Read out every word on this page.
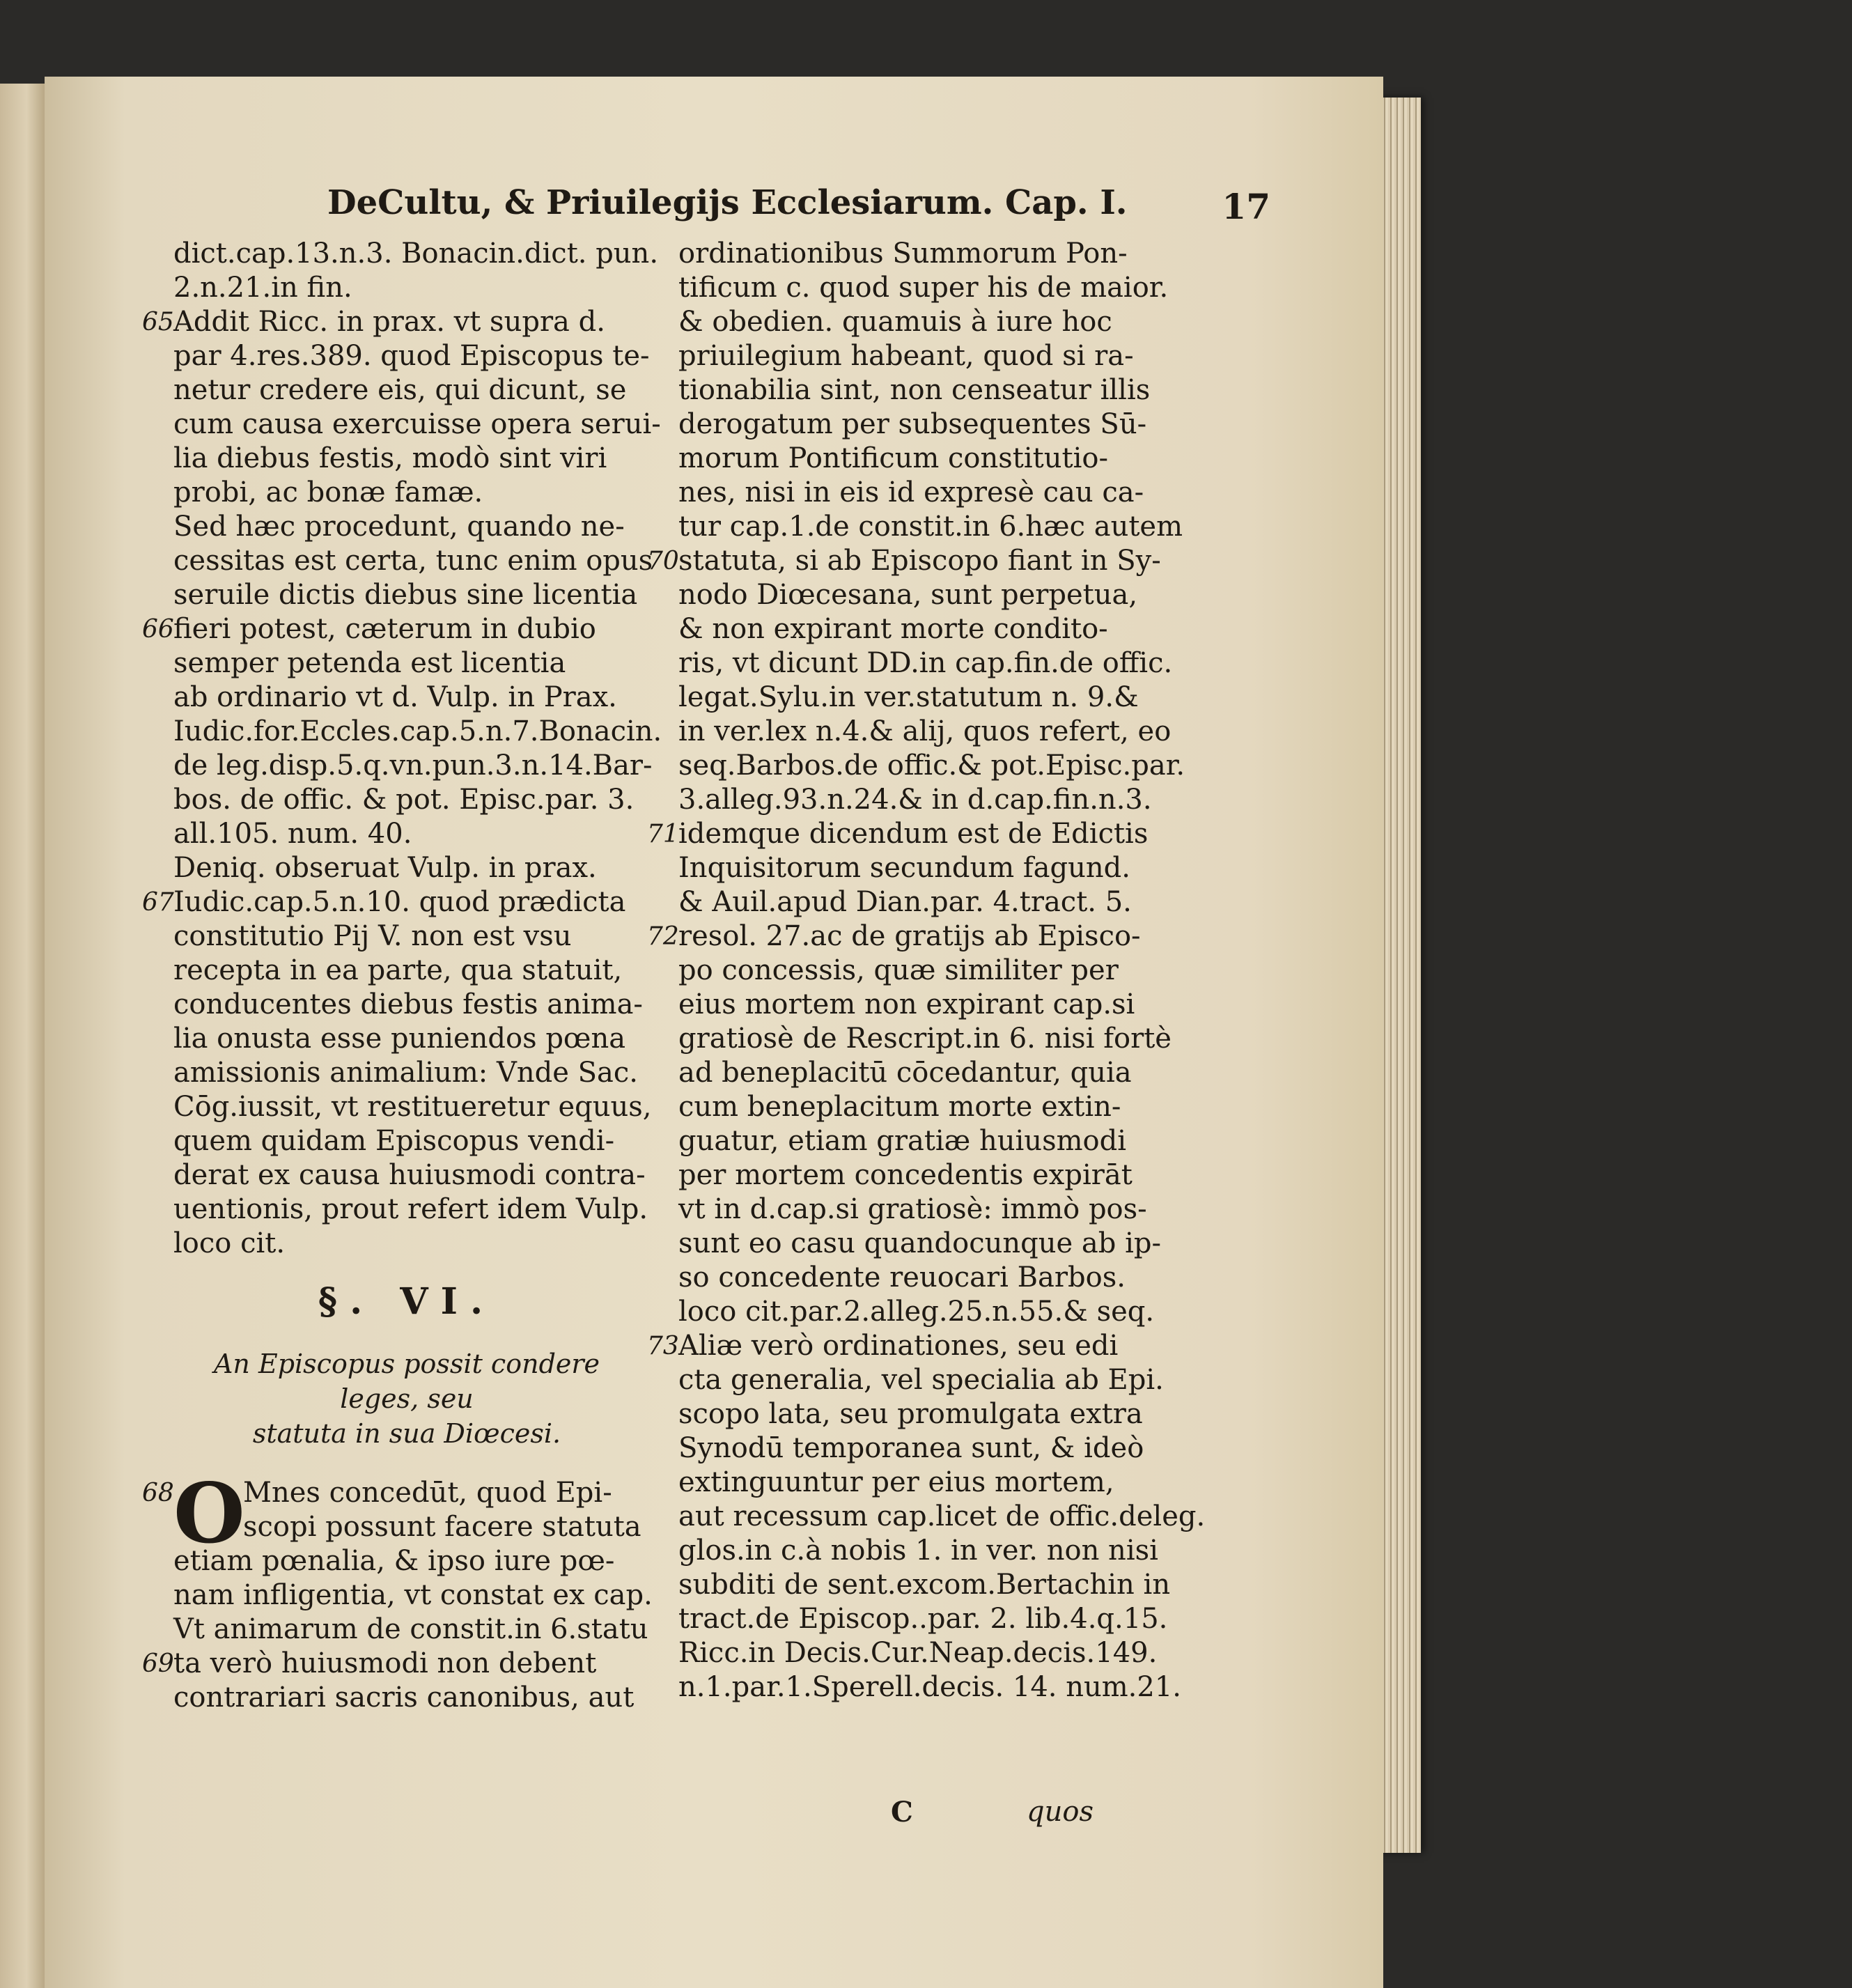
DeCultu, & Priuilegijs Ecclesiarum. Cap. I.	17
dict.cap.13.n.3. Bonacin.dict. pun.
2.n.21.in fin.
65 Addit Ricc. in prax. vt supra d.
par 4.res.389. quod Episcopus te-
netur credere eis, qui dicunt, se
cum causa exercuisse opera serui-
lia diebus festis, modò sint viri
probi, ac bonæ famæ.
Sed hæc procedunt, quando ne-
cessitas est certa, tunc enim opus
seruile dictis diebus sine licentia
66 fieri potest, cæterum in dubio
semper petenda est licentia
ab ordinario vt d. Vulp. in Prax.
Iudic.for.Eccles.cap.5.n.7.Bonacin.
de leg.disp.5.q.vn.pun.3.n.14.Bar-
bos. de offic. & pot. Episc.par. 3.
all.105. num. 40.
Deniq. obseruat Vulp. in prax.
67 Iudic.cap.5.n.10. quod prædicta
constitutio Pij V. non est vsu
recepta in ea parte, qua statuit,
conducentes diebus festis anima-
lia onusta esse puniendos pœna
amissionis animalium: Vnde Sac.
Cōg.iussit, vt restitueretur equus,
quem quidam Episcopus vendi-
derat ex causa huiusmodi contra-
uentionis, prout refert idem Vulp.
loco cit.
§. VI.
An Episcopus possit condere leges, seu
statuta in sua Diœcesi.
O
68 Mnes concedūt, quod Epi-
scopi possunt facere statuta
etiam pœnalia, & ipso iure pœ-
nam infligentia, vt constat ex cap.
Vt animarum de constit.in 6.statu
69 ta verò huiusmodi non debent
contrariari sacris canonibus, aut
ordinationibus Summorum Pon-
tificum c. quod super his de maior.
& obedien. quamuis à iure hoc
priuilegium habeant, quod si ra-
tionabilia sint, non censeatur illis
derogatum per subsequentes Sū-
morum Pontificum constitutio-
nes, nisi in eis id expresè cau ca-
tur cap.1.de constit.in 6.hæc autem
70 statuta, si ab Episcopo fiant in Sy-
nodo Diœcesana, sunt perpetua,
& non expirant morte condito-
ris, vt dicunt DD.in cap.fin.de offic.
legat.Sylu.in ver.statutum n. 9.&
in ver.lex n.4.& alij, quos refert, eo
seq.Barbos.de offic.& pot.Episc.par.
3.alleg.93.n.24.& in d.cap.fin.n.3.
71 idemque dicendum est de Edictis
Inquisitorum secundum fagund.
& Auil.apud Dian.par. 4.tract. 5.
72 resol. 27.ac de gratijs ab Episco-
po concessis, quæ similiter per
eius mortem non expirant cap.si
gratiosè de Rescript.in 6. nisi fortè
ad beneplacitū cōcedantur, quia
cum beneplacitum morte extin-
guatur, etiam gratiæ huiusmodi
per mortem concedentis expirāt
vt in d.cap.si gratiosè: immò pos-
sunt eo casu quandocunque ab ip-
so concedente reuocari Barbos.
loco cit.par.2.alleg.25.n.55.& seq.
73 Aliæ verò ordinationes, seu edi
cta generalia, vel specialia ab Epi.
scopo lata, seu promulgata extra
Synodū temporanea sunt, & ideò
extinguuntur per eius mortem,
aut recessum cap.licet de offic.deleg.
glos.in c.à nobis 1. in ver. non nisi
subditi de sent.excom.Bertachin in
tract.de Episcop..par. 2. lib.4.q.15.
Ricc.in Decis.Cur.Neap.decis.149.
n.1.par.1.Sperell.decis. 14. num.21.
C	quos
